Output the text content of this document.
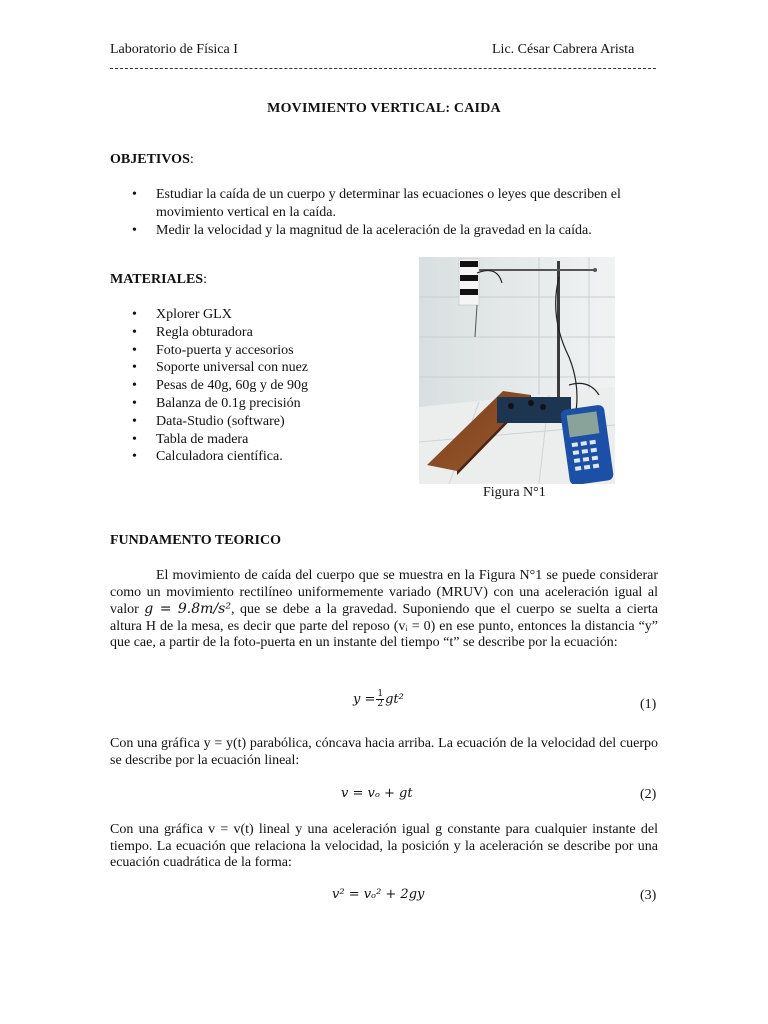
Laboratorio de Física I	Lic. César Cabrera Arista
MOVIMIENTO VERTICAL: CAIDA
OBJETIVOS:
• Estudiar la caída de un cuerpo y determinar las ecuaciones o leyes que describen el movimiento vertical en la caída.
• Medir la velocidad y la magnitud de la aceleración de la gravedad en la caída.
MATERIALES:
• Xplorer GLX
• Regla obturadora
• Foto-puerta y accesorios
• Soporte universal con nuez
• Pesas de 40g, 60g y de 90g
• Balanza de 0.1g precisión
• Data-Studio (software)
• Tabla de madera
• Calculadora científica.
Figura N°1
FUNDAMENTO TEORICO

El movimiento de caída del cuerpo que se muestra en la Figura N°1 se puede considerar como un movimiento rectilíneo uniformemente variado (MRUV) con una aceleración igual al valor g = 9.8m/s², que se debe a la gravedad. Suponiendo que el cuerpo se suelta a cierta altura H de la mesa, es decir que parte del reposo (vᵢ = 0) en ese punto, entonces la distancia “y” que cae, a partir de la foto-puerta en un instante del tiempo “t” se describe por la ecuación:

$y = \frac{1}{2} gt^2$	(1)

Con una gráfica y = y(t) parabólica, cóncava hacia arriba. La ecuación de la velocidad del cuerpo se describe por la ecuación lineal:

v = vₒ + gt	(2)

Con una gráfica v = v(t) lineal y una aceleración igual g constante para cualquier instante del tiempo. La ecuación que relaciona la velocidad, la posición y la aceleración se describe por una ecuación cuadrática de la forma:

v² = vₒ² + 2gy	(3)
